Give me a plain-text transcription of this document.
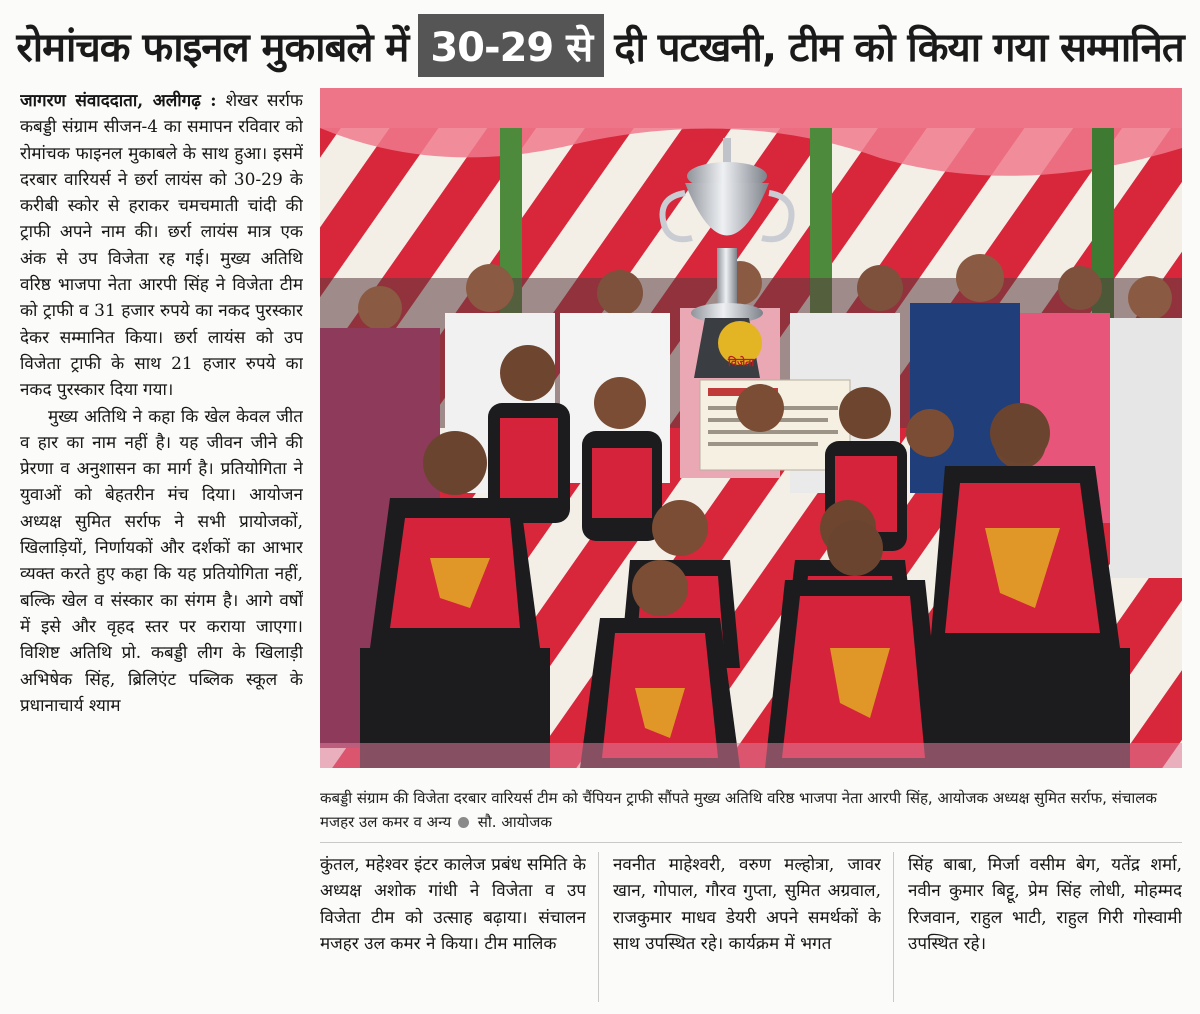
रोमांचक फाइनल मुकाबले में 30-29 से दी पटखनी, टीम को किया गया सम्मानित

जागरण संवाददाता, अलीगढ़ : शेखर सर्राफ कबड्डी संग्राम सीजन-4 का समापन रविवार को रोमांचक फाइनल मुकाबले के साथ हुआ। इसमें दरबार वारियर्स ने छर्रा लायंस को 30-29 के करीबी स्कोर से हराकर चमचमाती चांदी की ट्राफी अपने नाम की। छर्रा लायंस मात्र एक अंक से उप विजेता रह गई। मुख्य अतिथि वरिष्ठ भाजपा नेता आरपी सिंह ने विजेता टीम को ट्राफी व 31 हजार रुपये का नकद पुरस्कार देकर सम्मानित किया। छर्रा लायंस को उप विजेता ट्राफी के साथ 21 हजार रुपये का नकद पुरस्कार दिया गया।

मुख्य अतिथि ने कहा कि खेल केवल जीत व हार का नाम नहीं है। यह जीवन जीने की प्रेरणा व अनुशासन का मार्ग है। प्रतियोगिता ने युवाओं को बेहतरीन मंच दिया। आयोजन अध्यक्ष सुमित सर्राफ ने सभी प्रायोजकों, खिलाड़ियों, निर्णायकों और दर्शकों का आभार व्यक्त करते हुए कहा कि यह प्रतियोगिता नहीं, बल्कि खेल व संस्कार का संगम है। आगे वर्षों में इसे और वृहद स्तर पर कराया जाएगा। विशिष्ट अतिथि प्रो. कबड्डी लीग के खिलाड़ी अभिषेक सिंह, ब्रिलिएंट पब्लिक स्कूल के प्रधानाचार्य श्याम

विजेता
कबड्डी संग्राम की विजेता दरबार वारियर्स टीम को चैंपियन ट्राफी सौंपते मुख्य अतिथि वरिष्ठ भाजपा नेता आरपी सिंह, आयोजक अध्यक्ष सुमित सर्राफ, संचालक मजहर उल कमर व अन्य सौ. आयोजक

कुंतल, महेश्वर इंटर कालेज प्रबंध समिति के अध्यक्ष अशोक गांधी ने विजेता व उप विजेता टीम को उत्साह बढ़ाया। संचालन मजहर उल कमर ने किया। टीम मालिक

नवनीत माहेश्वरी, वरुण मल्होत्रा, जावर खान, गोपाल, गौरव गुप्ता, सुमित अग्रवाल, राजकुमार माधव डेयरी अपने समर्थकों के साथ उपस्थित रहे। कार्यक्रम में भगत

सिंह बाबा, मिर्जा वसीम बेग, यतेंद्र शर्मा, नवीन कुमार बिट्टू, प्रेम सिंह लोधी, मोहम्मद रिजवान, राहुल भाटी, राहुल गिरी गोस्वामी उपस्थित रहे।
